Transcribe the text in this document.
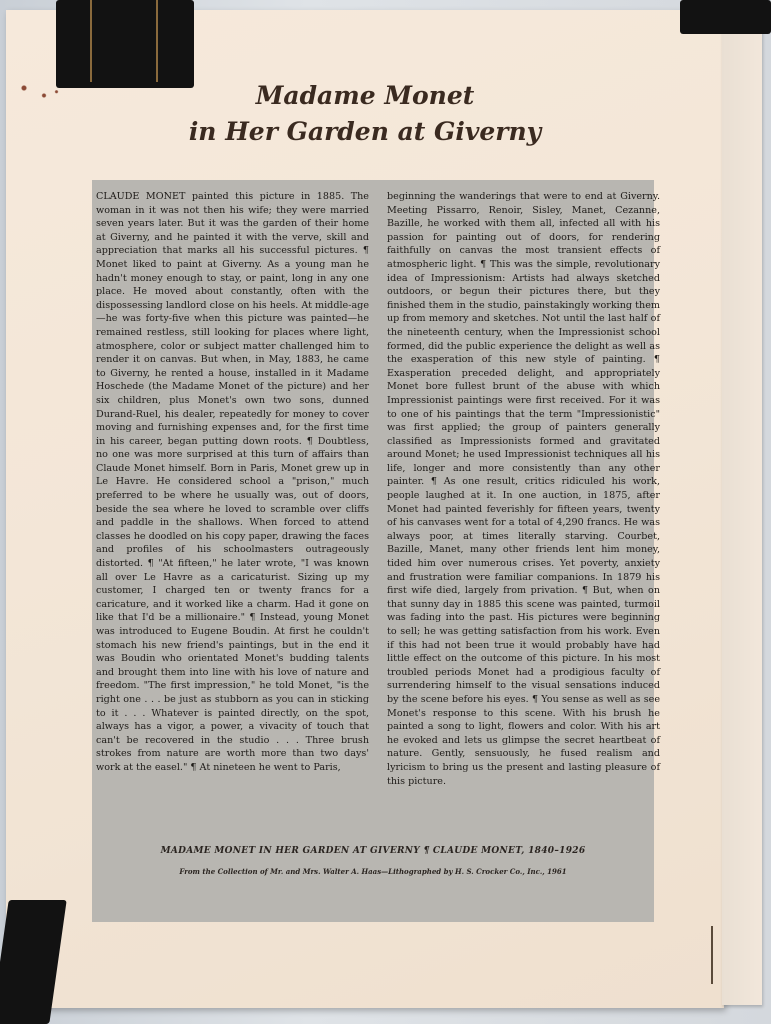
Madame Monet
in Her Garden at Giverny
CLAUDE MONET painted this picture in 1885. The woman in it was not then his wife; they were married seven years later. But it was the garden of their home at Giverny, and he painted it with the verve, skill and appreciation that marks all his successful pictures. ¶ Monet liked to paint at Giverny. As a young man he hadn't money enough to stay, or paint, long in any one place. He moved about constantly, often with the dispossessing landlord close on his heels. At middle-age—he was forty-five when this picture was painted—he remained restless, still looking for places where light, atmosphere, color or subject matter challenged him to render it on canvas. But when, in May, 1883, he came to Giverny, he rented a house, installed in it Madame Hoschede (the Madame Monet of the picture) and her six children, plus Monet's own two sons, dunned Durand-Ruel, his dealer, repeatedly for money to cover moving and furnishing expenses and, for the first time in his career, began putting down roots. ¶ Doubtless, no one was more surprised at this turn of affairs than Claude Monet himself. Born in Paris, Monet grew up in Le Havre. He considered school a "prison," much preferred to be where he usually was, out of doors, beside the sea where he loved to scramble over cliffs and paddle in the shallows. When forced to attend classes he doodled on his copy paper, drawing the faces and profiles of his schoolmasters outrageously distorted. ¶ "At fifteen," he later wrote, "I was known all over Le Havre as a caricaturist. Sizing up my customer, I charged ten or twenty francs for a caricature, and it worked like a charm. Had it gone on like that I'd be a millionaire." ¶ Instead, young Monet was introduced to Eugene Boudin. At first he couldn't stomach his new friend's paintings, but in the end it was Boudin who orientated Monet's budding talents and brought them into line with his love of nature and freedom. "The first impression," he told Monet, "is the right one . . . be just as stubborn as you can in sticking to it . . . Whatever is painted directly, on the spot, always has a vigor, a power, a vivacity of touch that can't be recovered in the studio . . . Three brush strokes from nature are worth more than two days' work at the easel." ¶ At nineteen he went to Paris,
beginning the wanderings that were to end at Giverny. Meeting Pissarro, Renoir, Sisley, Manet, Cezanne, Bazille, he worked with them all, infected all with his passion for painting out of doors, for rendering faithfully on canvas the most transient effects of atmospheric light. ¶ This was the simple, revolutionary idea of Impressionism: Artists had always sketched outdoors, or begun their pictures there, but they finished them in the studio, painstakingly working them up from memory and sketches. Not until the last half of the nineteenth century, when the Impressionist school formed, did the public experience the delight as well as the exasperation of this new style of painting. ¶ Exasperation preceded delight, and appropriately Monet bore fullest brunt of the abuse with which Impressionist paintings were first received. For it was to one of his paintings that the term "Impressionistic" was first applied; the group of painters generally classified as Impressionists formed and gravitated around Monet; he used Impressionist techniques all his life, longer and more consistently than any other painter. ¶ As one result, critics ridiculed his work, people laughed at it. In one auction, in 1875, after Monet had painted feverishly for fifteen years, twenty of his canvases went for a total of 4,290 francs. He was always poor, at times literally starving. Courbet, Bazille, Manet, many other friends lent him money, tided him over numerous crises. Yet poverty, anxiety and frustration were familiar companions. In 1879 his first wife died, largely from privation. ¶ But, when on that sunny day in 1885 this scene was painted, turmoil was fading into the past. His pictures were beginning to sell; he was getting satisfaction from his work. Even if this had not been true it would probably have had little effect on the outcome of this picture. In his most troubled periods Monet had a prodigious faculty of surrendering himself to the visual sensations induced by the scene before his eyes. ¶ You sense as well as see Monet's response to this scene. With his brush he painted a song to light, flowers and color. With his art he evoked and lets us glimpse the secret heartbeat of nature. Gently, sensuously, he fused realism and lyricism to bring us the present and lasting pleasure of this picture.
MADAME MONET IN HER GARDEN AT GIVERNY ¶ CLAUDE MONET, 1840–1926
From the Collection of Mr. and Mrs. Walter A. Haas—Lithographed by H. S. Crocker Co., Inc., 1961
